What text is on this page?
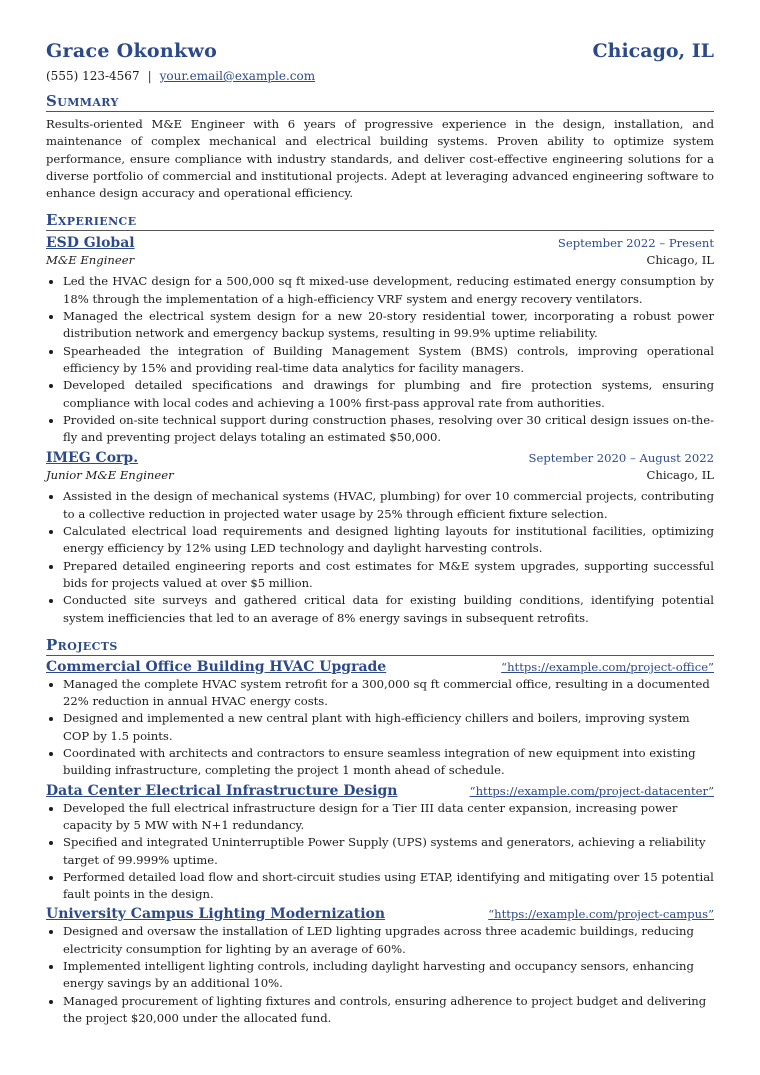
Grace Okonkwo	Chicago, IL
(555) 123-4567 | your.email@example.com
Summary
Results-oriented M&E Engineer with 6 years of progressive experience in the design, installation, and maintenance of complex mechanical and electrical building systems. Proven ability to optimize system performance, ensure compliance with industry standards, and deliver cost-effective engineering solutions for a diverse portfolio of commercial and institutional projects. Adept at leveraging advanced engineering software to enhance design accuracy and operational efficiency.
Experience
ESD Global	September 2022 – Present
M&E Engineer	Chicago, IL
• Led the HVAC design for a 500,000 sq ft mixed-use development, reducing estimated energy consumption by 18% through the implementation of a high-efficiency VRF system and energy recovery ventilators.
• Managed the electrical system design for a new 20-story residential tower, incorporating a robust power distribution network and emergency backup systems, resulting in 99.9% uptime reliability.
• Spearheaded the integration of Building Management System (BMS) controls, improving operational efficiency by 15% and providing real-time data analytics for facility managers.
• Developed detailed specifications and drawings for plumbing and fire protection systems, ensuring compliance with local codes and achieving a 100% first-pass approval rate from authorities.
• Provided on-site technical support during construction phases, resolving over 30 critical design issues on-the-fly and preventing project delays totaling an estimated $50,000.
IMEG Corp.	September 2020 – August 2022
Junior M&E Engineer	Chicago, IL
• Assisted in the design of mechanical systems (HVAC, plumbing) for over 10 commercial projects, contributing to a collective reduction in projected water usage by 25% through efficient fixture selection.
• Calculated electrical load requirements and designed lighting layouts for institutional facilities, optimizing energy efficiency by 12% using LED technology and daylight harvesting controls.
• Prepared detailed engineering reports and cost estimates for M&E system upgrades, supporting successful bids for projects valued at over $5 million.
• Conducted site surveys and gathered critical data for existing building conditions, identifying potential system inefficiencies that led to an average of 8% energy savings in subsequent retrofits.
Projects
Commercial Office Building HVAC Upgrade	“https://example.com/project-office”
• Managed the complete HVAC system retrofit for a 300,000 sq ft commercial office, resulting in a documented 22% reduction in annual HVAC energy costs.
• Designed and implemented a new central plant with high-efficiency chillers and boilers, improving system COP by 1.5 points.
• Coordinated with architects and contractors to ensure seamless integration of new equipment into existing building infrastructure, completing the project 1 month ahead of schedule.
Data Center Electrical Infrastructure Design	“https://example.com/project-datacenter”
• Developed the full electrical infrastructure design for a Tier III data center expansion, increasing power capacity by 5 MW with N+1 redundancy.
• Specified and integrated Uninterruptible Power Supply (UPS) systems and generators, achieving a reliability target of 99.999% uptime.
• Performed detailed load flow and short-circuit studies using ETAP, identifying and mitigating over 15 potential fault points in the design.
University Campus Lighting Modernization	“https://example.com/project-campus”
• Designed and oversaw the installation of LED lighting upgrades across three academic buildings, reducing electricity consumption for lighting by an average of 60%.
• Implemented intelligent lighting controls, including daylight harvesting and occupancy sensors, enhancing energy savings by an additional 10%.
• Managed procurement of lighting fixtures and controls, ensuring adherence to project budget and delivering the project $20,000 under the allocated fund.
